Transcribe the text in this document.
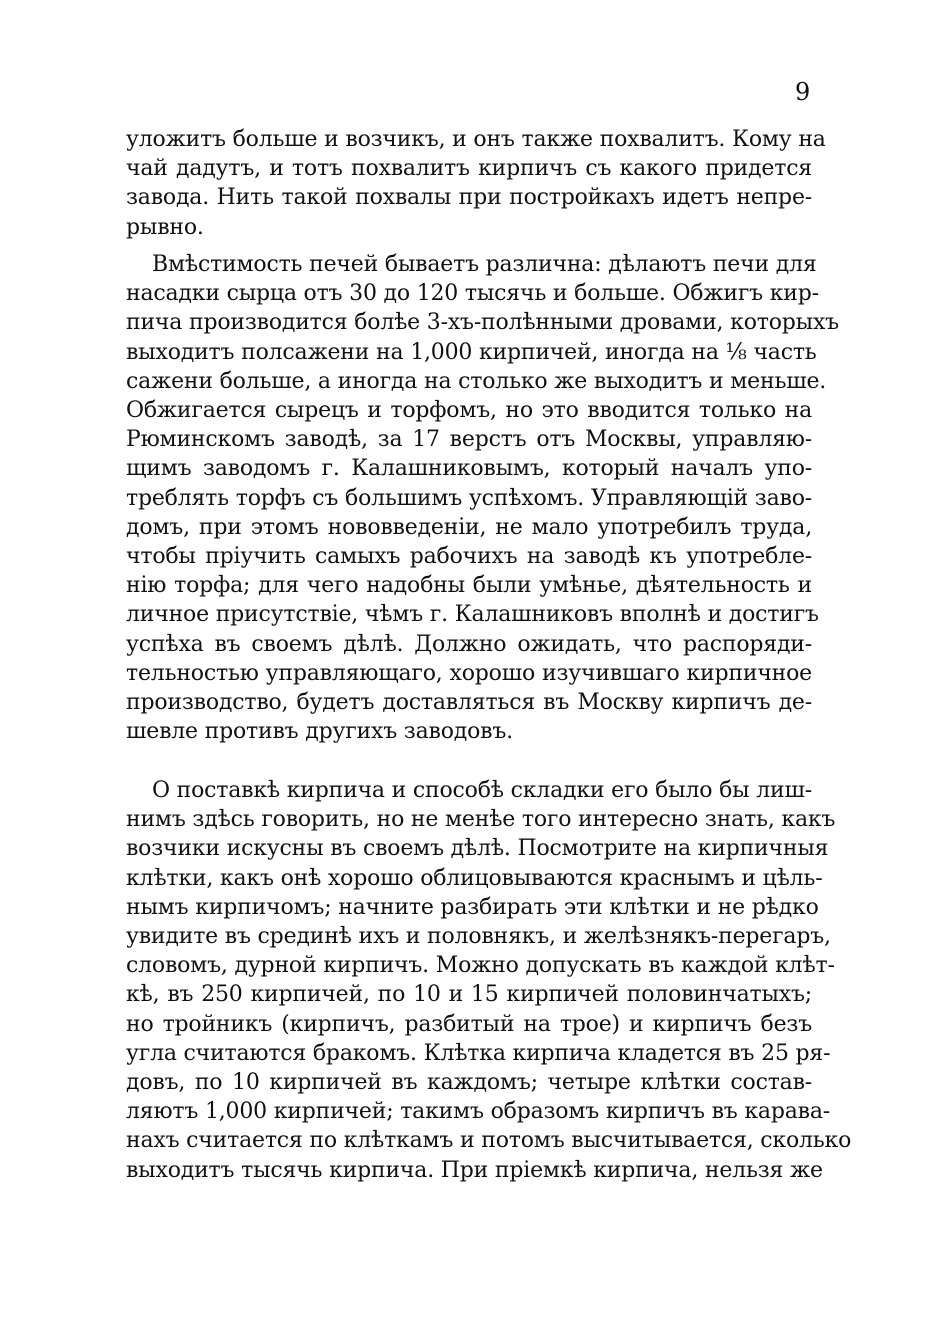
9
уложитъ больше и возчикъ, и онъ также похвалитъ. Кому на
чай дадутъ, и тотъ похвалитъ кирпичъ съ какого придется
завода. Нить такой похвалы при постройкахъ идетъ непре-
рывно.
Вмѣстимость печей бываетъ различна: дѣлаютъ печи для
насадки сырца отъ 30 до 120 тысячь и больше. Обжигъ кир-
пича производится болѣе 3-хъ-полѣнными дровами, которыхъ
выходитъ полсажени на 1,000 кирпичей, иногда на ⅛ часть
сажени больше, а иногда на столько же выходитъ и меньше.
Обжигается сырецъ и торфомъ, но это вводится только на
Рюминскомъ заводѣ, за 17 верстъ отъ Москвы, управляю-
щимъ заводомъ г. Калашниковымъ, который началъ упо-
треблять торфъ съ большимъ успѣхомъ. Управляющій заво-
домъ, при этомъ нововведеніи, не мало употребилъ труда,
чтобы пріучить самыхъ рабочихъ на заводѣ къ употребле-
нію торфа; для чего надобны были умѣнье, дѣятельность и
личное присутствіе, чѣмъ г. Калашниковъ вполнѣ и достигъ
успѣха въ своемъ дѣлѣ. Должно ожидать, что распоряди-
тельностью управляющаго, хорошо изучившаго кирпичное
производство, будетъ доставляться въ Москву кирпичъ де-
шевле противъ другихъ заводовъ.
О поставкѣ кирпича и способѣ складки его было бы лиш-
нимъ здѣсь говорить, но не менѣе того интересно знать, какъ
возчики искусны въ своемъ дѣлѣ. Посмотрите на кирпичныя
клѣтки, какъ онѣ хорошо облицовываются краснымъ и цѣль-
нымъ кирпичомъ; начните разбирать эти клѣтки и не рѣдко
увидите въ срединѣ ихъ и половнякъ, и желѣзнякъ-перегаръ,
словомъ, дурной кирпичъ. Можно допускать въ каждой клѣт-
кѣ, въ 250 кирпичей, по 10 и 15 кирпичей половинчатыхъ;
но тройникъ (кирпичъ, разбитый на трое) и кирпичъ безъ
угла считаются бракомъ. Клѣтка кирпича кладется въ 25 ря-
довъ, по 10 кирпичей въ каждомъ; четыре клѣтки состав-
ляютъ 1,000 кирпичей; такимъ образомъ кирпичъ въ карава-
нахъ считается по клѣткамъ и потомъ высчитывается, сколько
выходитъ тысячь кирпича. При пріемкѣ кирпича, нельзя же
